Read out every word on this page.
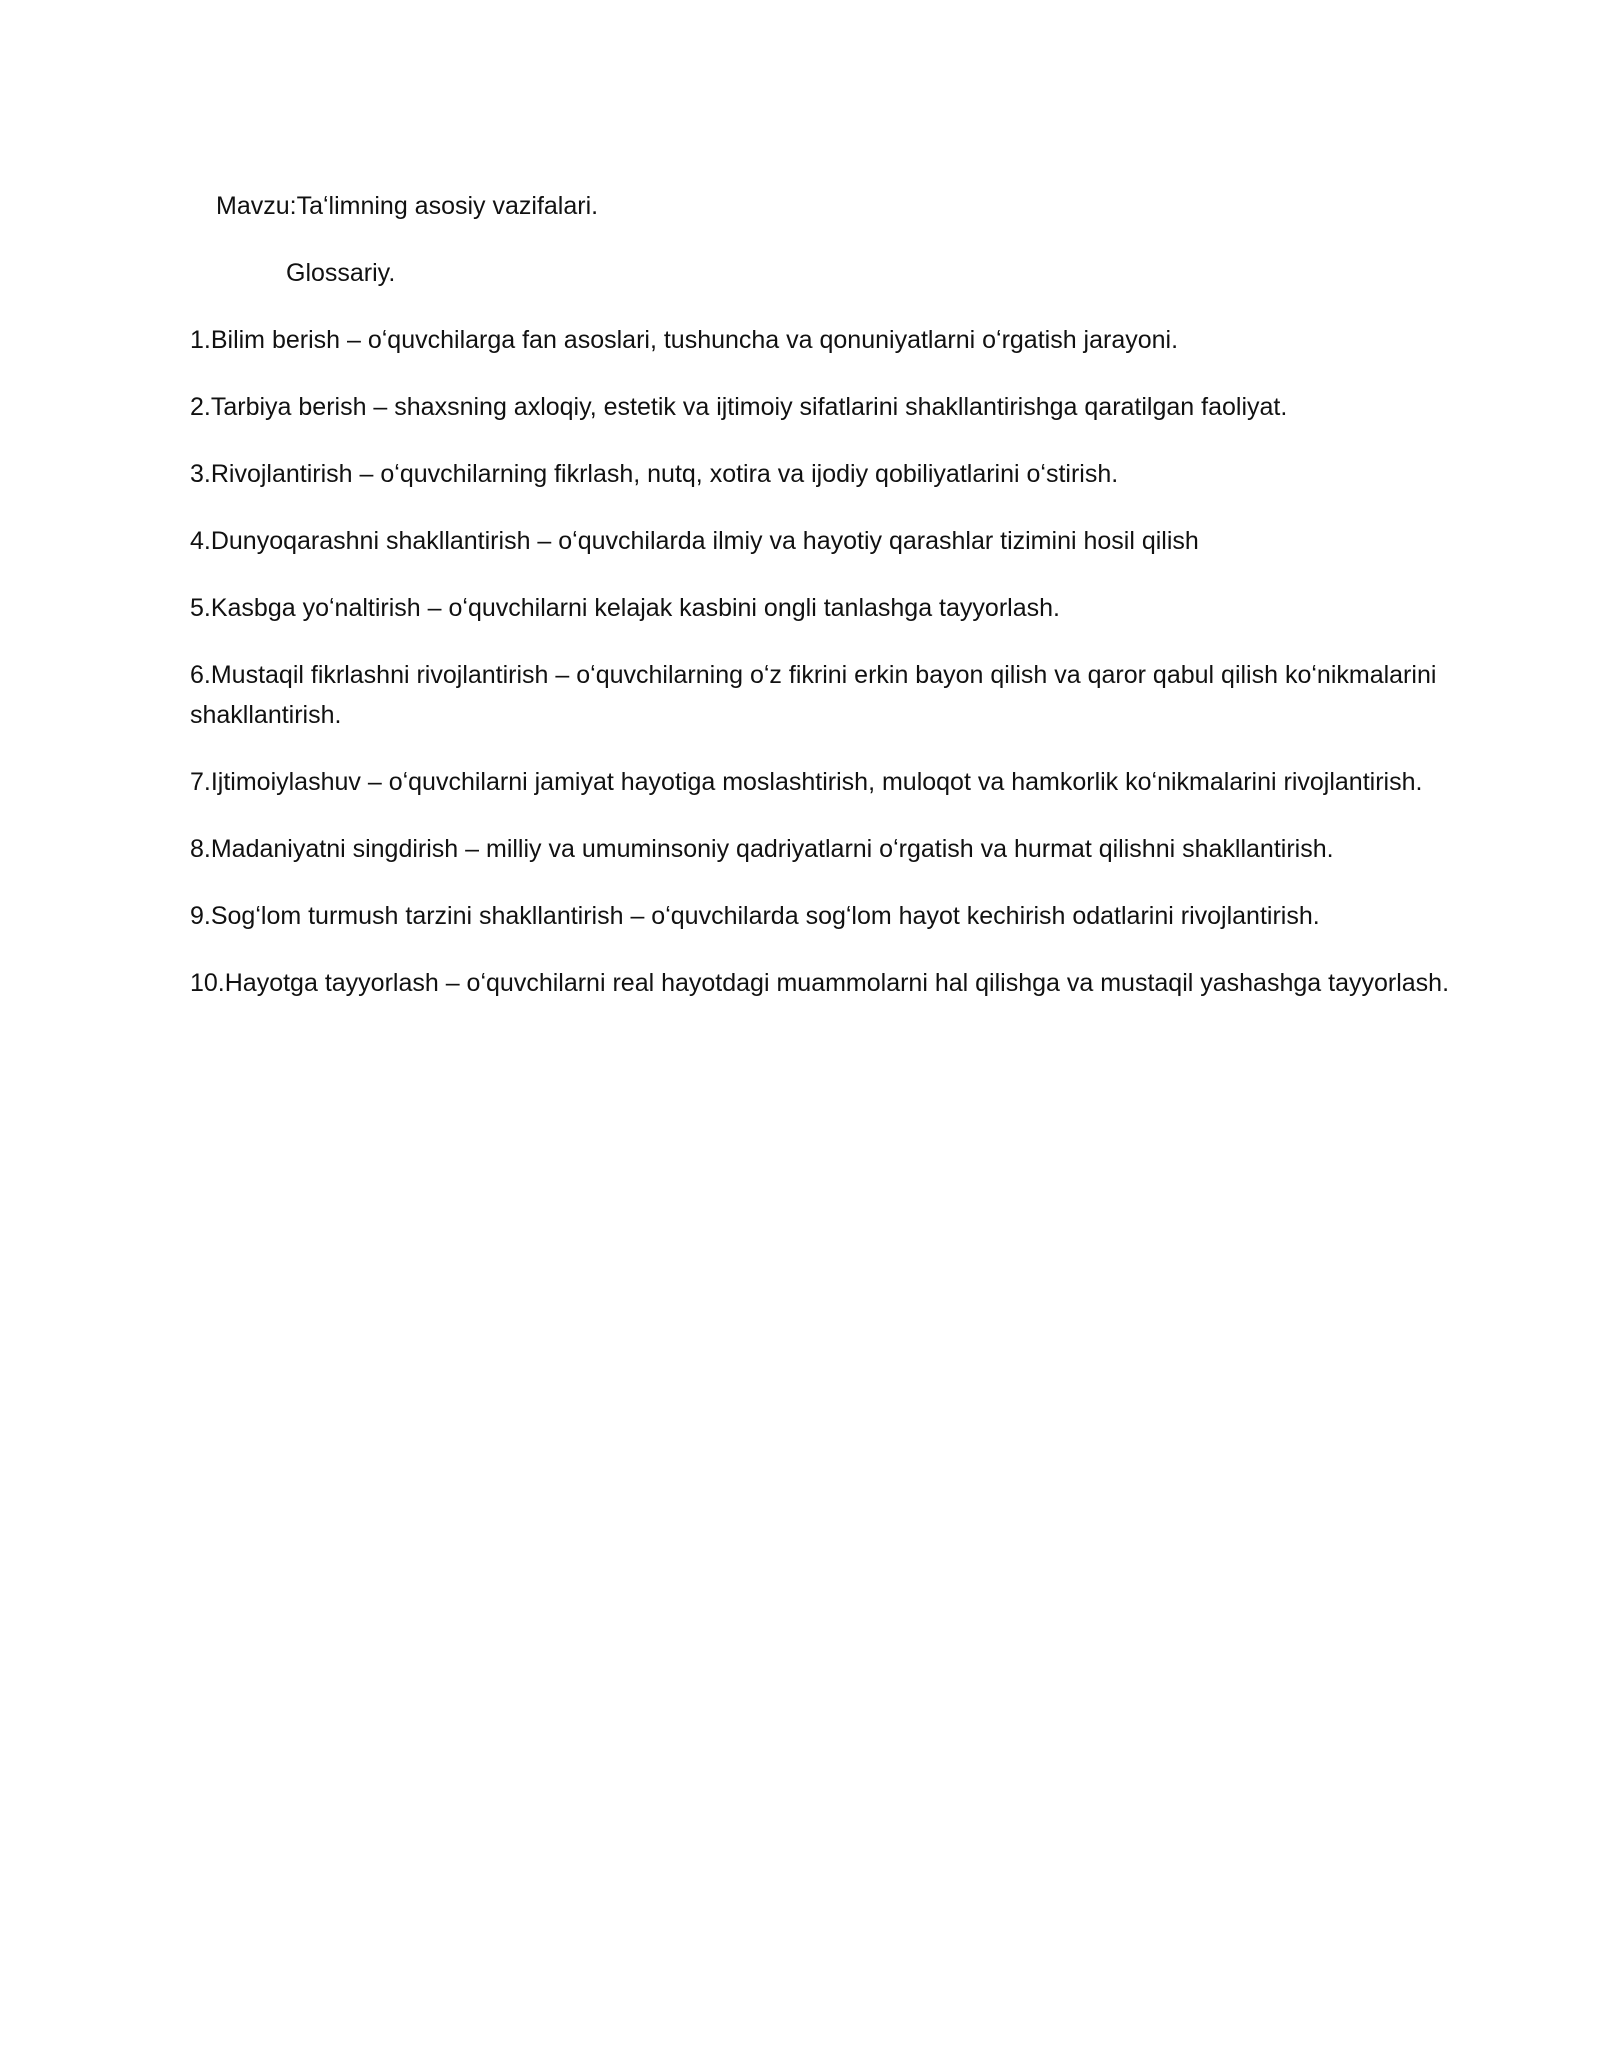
Mavzu:Taʻlimning asosiy vazifalari.

Glossariy.

1.Bilim berish – oʻquvchilarga fan asoslari, tushuncha va qonuniyatlarni oʻrgatish jarayoni.
2.Tarbiya berish – shaxsning axloqiy, estetik va ijtimoiy sifatlarini shakllantirishga qaratilgan faoliyat.
3.Rivojlantirish – oʻquvchilarning fikrlash, nutq, xotira va ijodiy qobiliyatlarini oʻstirish.
4.Dunyoqarashni shakllantirish – oʻquvchilarda ilmiy va hayotiy qarashlar tizimini hosil qilish
5.Kasbga yoʻnaltirish – oʻquvchilarni kelajak kasbini ongli tanlashga tayyorlash.
6.Mustaqil fikrlashni rivojlantirish – oʻquvchilarning oʻz fikrini erkin bayon qilish va qaror qabul qilish koʻnikmalarini shakllantirish.
7.Ijtimoiylashuv – oʻquvchilarni jamiyat hayotiga moslashtirish, muloqot va hamkorlik koʻnikmalarini rivojlantirish.
8.Madaniyatni singdirish – milliy va umuminsoniy qadriyatlarni oʻrgatish va hurmat qilishni shakllantirish.
9.Sogʻlom turmush tarzini shakllantirish – oʻquvchilarda sogʻlom hayot kechirish odatlarini rivojlantirish.
10.Hayotga tayyorlash – oʻquvchilarni real hayotdagi muammolarni hal qilishga va mustaqil yashashga tayyorlash.
